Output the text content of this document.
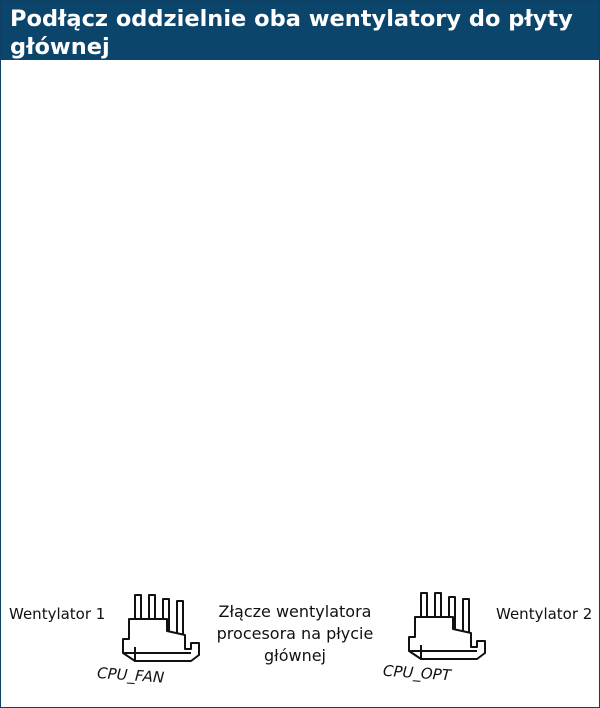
Podłącz oddzielnie oba wentylatory do płyty głównej
Wentylator 1	Wentylator 2
Złącze wentylatora procesora na płycie głównej
CPU_FAN	CPU_OPT
